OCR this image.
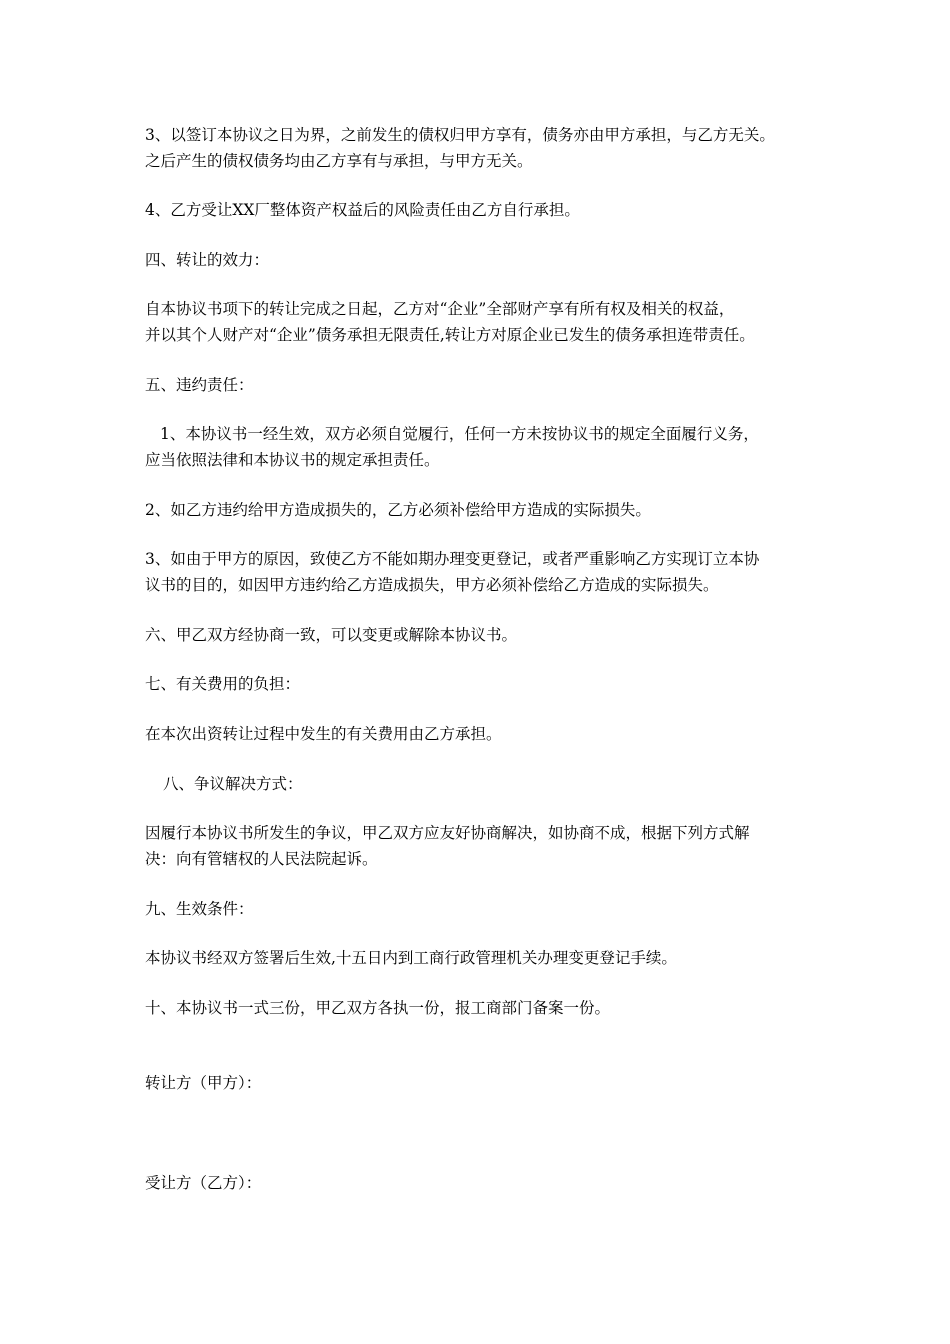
3、以签订本协议之日为界，之前发生的债权归甲方享有，债务亦由甲方承担，与乙方无关。
之后产生的债权债务均由乙方享有与承担，与甲方无关。

4、乙方受让XX厂整体资产权益后的风险责任由乙方自行承担。

四、转让的效力：

自本协议书项下的转让完成之日起，乙方对“企业”全部财产享有所有权及相关的权益，
并以其个人财产对“企业”债务承担无限责任,转让方对原企业已发生的债务承担连带责任。

五、违约责任：

1、本协议书一经生效，双方必须自觉履行，任何一方未按协议书的规定全面履行义务，
应当依照法律和本协议书的规定承担责任。

2、如乙方违约给甲方造成损失的，乙方必须补偿给甲方造成的实际损失。

3、如由于甲方的原因，致使乙方不能如期办理变更登记，或者严重影响乙方实现订立本协
议书的目的，如因甲方违约给乙方造成损失，甲方必须补偿给乙方造成的实际损失。

六、甲乙双方经协商一致，可以变更或解除本协议书。

七、有关费用的负担：

在本次出资转让过程中发生的有关费用由乙方承担。

八、争议解决方式：

因履行本协议书所发生的争议，甲乙双方应友好协商解决，如协商不成，根据下列方式解
决：向有管辖权的人民法院起诉。

九、生效条件：

本协议书经双方签署后生效,十五日内到工商行政管理机关办理变更登记手续。

十、本协议书一式三份，甲乙双方各执一份，报工商部门备案一份。

转让方（甲方）：

受让方（乙方）：
